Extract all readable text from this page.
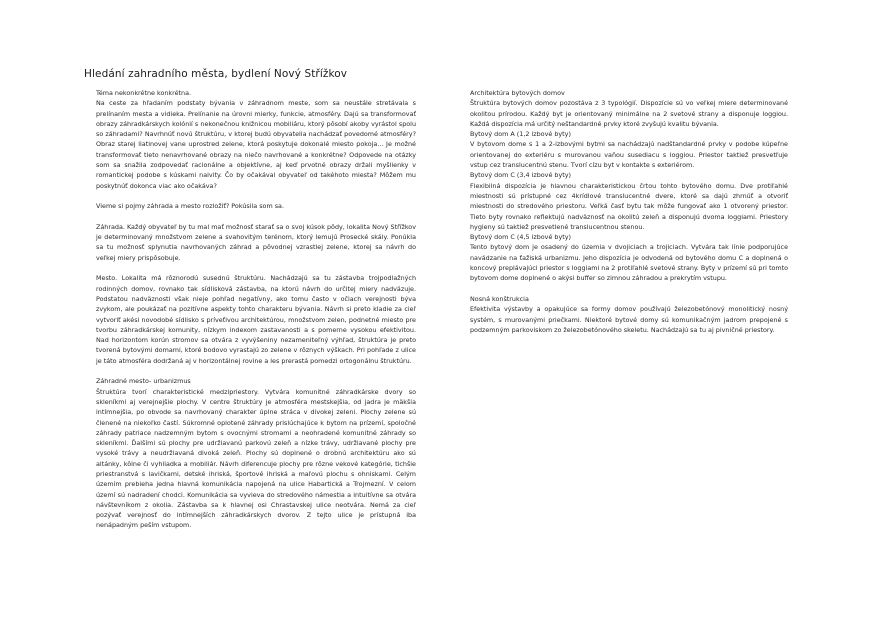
Hledání zahradního města, bydlení Nový Střížkov
Téma nekonkrétne konkrétna.
Na ceste za hľadaním podstaty bývania v záhradnom meste, som sa neustále stretávala s prelínaním mesta a vidieka. Prelínanie na úrovni mierky, funkcie, atmosféry. Dajú sa transformovať obrazy záhradkárskych kolónií s nekonečnou knižnicou mobiliáru, ktorý pôsobí akoby vyrástol spolu so záhradami? Navrhnúť novú štruktúru, v ktorej budú obyvatelia nachádzať povedomé atmosféry? Obraz starej liatinovej vane uprostred zelene, ktorá poskytuje dokonalé miesto pokoja... Je možné transformovať tieto nenavrhované obrazy na niečo navrhované a konkrétne? Odpovede na otázky som sa snažila zodpovedať racionálne a objektívne, aj keď prvotné obrazy držali myšlienky v romantickej podobe s kúskami naivity. Čo by očakával obyvateľ od takéhoto miesta? Môžem mu poskytnúť dokonca viac ako očakáva?
Vieme si pojmy záhrada a mesto rozložiť? Pokúsila som sa.
Záhrada. Každý obyvateľ by tu mal mať možnosť starať sa o svoj kúsok pôdy, lokalita Nový Střížkov je determinovaný množstvom zelene a svahovitým terénom, ktorý lemujú Prosecké skály. Ponúkla sa tu možnosť splynutia navrhovaných záhrad a pôvodnej vzrastlej zelene, ktorej sa návrh do veľkej miery prispôsobuje.
Mesto. Lokalita má rôznorodú susednú štruktúru. Nachádzajú sa tu zástavba trojpodlažných rodinných domov, rovnako tak sídlisková zástavba, na ktorú návrh do určitej miery nadväzuje. Podstatou nadväznosti však nieje pohľad negatívny, ako tomu často v očiach verejnosti býva zvykom, ale poukázať na pozitívne aspekty tohto charakteru bývania. Návrh si preto kladie za cieľ vytvoriť akési novodobé sídlisko s príveťivou architektúrou, množstvom zelen, podnetné miesto pre tvorbu záhradkárskej komunity, nízkym indexom zastavanosti a s pomerne vysokou efektivitou. Nad horizontom korún stromov sa otvára z vyvýšeniny nezameniteľný výhľad, štruktúra je preto tvorená bytovými domami, ktoré bodovo vyrastajú zo zelene v rôznych výškach. Pri pohľade z ulice je táto atmosféra dodržaná aj v horizontálnej rovine a les prerastá pomedzi ortogonálnu štruktúru.
Záhradné mesto- urbanizmus
Štruktúra tvorí charakteristické medzipriestory. Vytvára komunitné záhradkárske dvory so skleníkmi aj verejnejšie plochy. V centre štruktúry je atmosféra mestskejšia, od jadra je mäkšia intímnejšia, po obvode sa navrhovaný charakter úplne stráca v divokej zeleni. Plochy zelene sú členené na niekoľko častí. Súkromné oplotené záhrady prislúchajúce k bytom na prízemí, spoločné záhrady patriace nadzemným bytom s ovocnými stromami a neohradené komunitné záhrady so skleníkmi. Ďalšími sú plochy pre udržiavanú parkovú zeleň a nízke trávy, udržiavané plochy pre vysoké trávy a neudržiavaná divoká zeleň. Plochy sú doplnené o drobnú architektúru ako sú altánky, kôlne či vyhliadka a mobiliár. Návrh diferencuje plochy pre rôzne vekové kategórie, tichšie priestranstvá s lavičkami, detské ihriská, športové ihriská a maľovú plochu s ohniskami. Celým územím prebieha jedna hlavná komunikácia napojená na ulice Habartická a Trojmezní. V celom území sú nadradení chodci. Komunikácia sa vyvieva do stredového námestia a intuitívne sa otvára návštevníkom z okolia. Zástavba sa k hlavnej osi Chrastavskej ulice neotvára. Nemá za cieľ pozývať verejnosť do intímnejších záhradkárskych dvorov. Z tejto ulice je prístupná iba nenápadným peším vstupom.
Architektúra bytových domov
Štruktúra bytových domov pozostáva z 3 typológií. Dispozície sú vo veľkej miere determinované okolitou prírodou. Každý byt je orientovaný minimálne na 2 svetové strany a disponuje loggiou. Každá dispozícia má určitý neštandardné prvky ktoré zvyšujú kvalitu bývania.
Bytový dom A (1,2 izbové byty)
V bytovom dome s 1 a 2-izbovými bytmi sa nachádzajú nadštandardné prvky v podobe kúpeľne orientovanej do exteriéru s murovanou vaňou susediacu s loggiou. Priestor taktiež presvetľuje vstup cez translucentnú stenu. Tvorí cízu byt v kontakte s exteriérom.
Bytový dom C (3,4 izbové byty)
Flexibilná dispozícia je hlavnou charakteristickou črtou tohto bytového domu. Dve protiľahlé miestnosti sú prístupné cez 4krídlové translucentné dvere, ktoré sa dajú zhrnúť a otvoriť miestnosti do stredového priestoru. Veľká časť bytu tak môže fungovať ako 1 otvorený priestor. Tieto byty rovnako reflektujú nadväznosť na okolitú zeleň a disponujú dvoma loggiami. Priestory hygieny sú taktiež presvetlené translucentnou stenou.
Bytový dom C (4,5 izbové byty)
Tento bytový dom je osadený do územia v dvojiciach a trojiciach. Vytvára tak línie podporujúce navádzanie na ťažiská urbanizmu. Jeho dispozícia je odvodená od bytového domu C a doplnená o koncový preplávajúci priestor s loggiami na 2 protiľahlé svetové strany. Byty v prízemí sú pri tomto bytovom dome doplnené o akýsi buffer so zimnou záhradou a prekrytím vstupu.
Nosná konštrukcia
Efektivita výstavby a opakujúce sa formy domov používajú železobetónový monolitický nosný systém, s murovanými priečkami. Niektoré bytové domy sú komunikačným jadrom prepojené s podzemným parkoviskom zo železobetónového skeletu. Nachádzajú sa tu aj pivničné priestory.
